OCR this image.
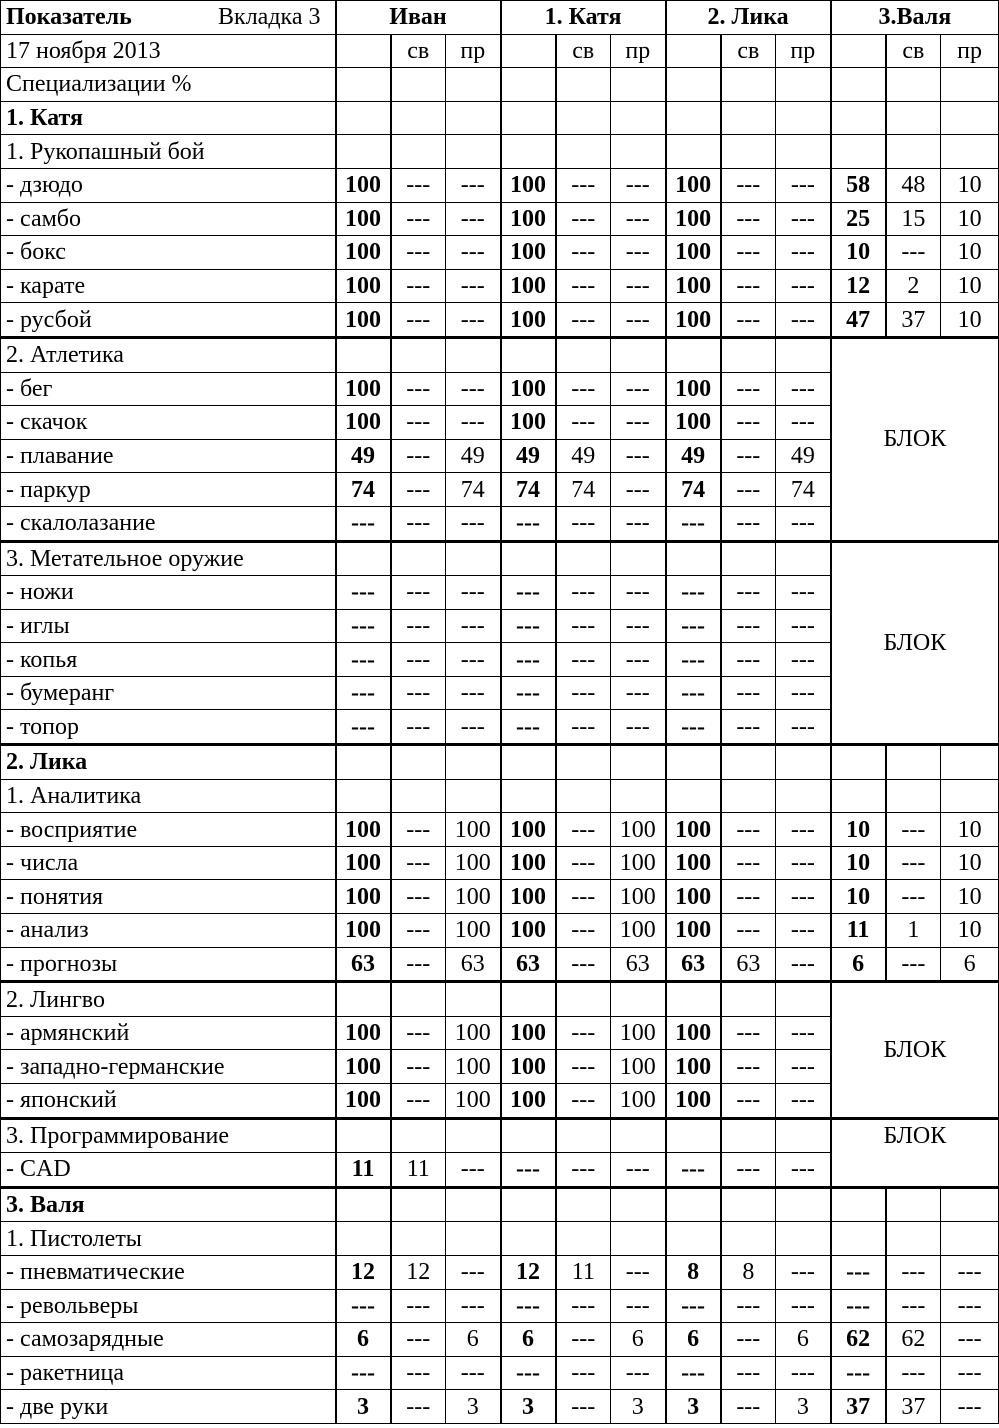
Показатель Вкладка 3	Иван			1. Катя			2. Лика			3.Валя		
17 ноября 2013		св	пр		св	пр		св	пр		св	пр
Специализации %												
1. Катя												
1. Рукопашный бой												
- дзюдо	100	---	---	100	---	---	100	---	---	58	48	10
- самбо	100	---	---	100	---	---	100	---	---	25	15	10
- бокс	100	---	---	100	---	---	100	---	---	10	---	10
- карате	100	---	---	100	---	---	100	---	---	12	2	10
- русбой	100	---	---	100	---	---	100	---	---	47	37	10
2. Атлетика										БЛОК		
- бег	100	---	---	100	---	---	100	---	---			
- скачок	100	---	---	100	---	---	100	---	---			
- плавание	49	---	49	49	49	---	49	---	49			
- паркур	74	---	74	74	74	---	74	---	74			
- скалолазание	---	---	---	---	---	---	---	---	---			
3. Метательное оружие										БЛОК		
- ножи	---	---	---	---	---	---	---	---	---			
- иглы	---	---	---	---	---	---	---	---	---			
- копья	---	---	---	---	---	---	---	---	---			
- бумеранг	---	---	---	---	---	---	---	---	---			
- топор	---	---	---	---	---	---	---	---	---			
2. Лика												
1. Аналитика												
- восприятие	100	---	100	100	---	100	100	---	---	10	---	10
- числа	100	---	100	100	---	100	100	---	---	10	---	10
- понятия	100	---	100	100	---	100	100	---	---	10	---	10
- анализ	100	---	100	100	---	100	100	---	---	11	1	10
- прогнозы	63	---	63	63	---	63	63	63	---	6	---	6
2. Лингво										БЛОК		
- армянский	100	---	100	100	---	100	100	---	---			
- западно-германские	100	---	100	100	---	100	100	---	---			
- японский	100	---	100	100	---	100	100	---	---			
3. Программирование										БЛОК		
- CAD	11	11	---	---	---	---	---	---	---			
3. Валя												
1. Пистолеты												
- пневматические	12	12	---	12	11	---	8	8	---	---	---	---
- револьверы	---	---	---	---	---	---	---	---	---	---	---	---
- самозарядные	6	---	6	6	---	6	6	---	6	62	62	---
- ракетница	---	---	---	---	---	---	---	---	---	---	---	---
- две руки	3	---	3	3	---	3	3	---	3	37	37	---
